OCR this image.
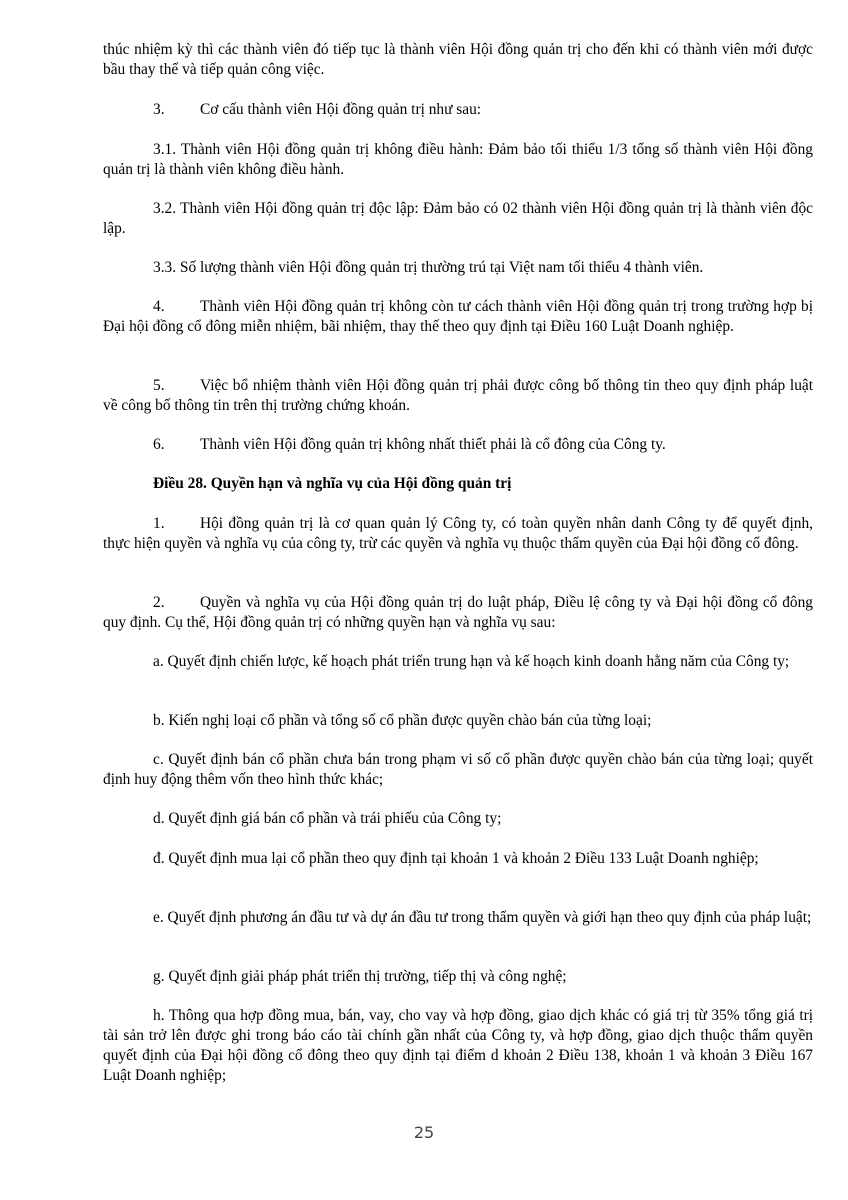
thúc nhiệm kỳ thì các thành viên đó tiếp tục là thành viên Hội đồng quản trị cho đến khi có thành viên mới được bầu thay thế và tiếp quản công việc.

3. Cơ cấu thành viên Hội đồng quản trị như sau:

3.1. Thành viên Hội đồng quản trị không điều hành: Đảm bảo tối thiểu 1/3 tổng số thành viên Hội đồng quản trị là thành viên không điều hành.

3.2. Thành viên Hội đồng quản trị độc lập: Đảm bảo có 02 thành viên Hội đồng quản trị là thành viên độc lập.

3.3. Số lượng thành viên Hội đồng quản trị thường trú tại Việt nam tối thiểu 4 thành viên.

4. Thành viên Hội đồng quản trị không còn tư cách thành viên Hội đồng quản trị trong trường hợp bị Đại hội đồng cổ đông miễn nhiệm, bãi nhiệm, thay thế theo quy định tại Điều 160 Luật Doanh nghiệp.

5. Việc bổ nhiệm thành viên Hội đồng quản trị phải được công bố thông tin theo quy định pháp luật về công bố thông tin trên thị trường chứng khoán.

6. Thành viên Hội đồng quản trị không nhất thiết phải là cổ đông của Công ty.

Điều 28. Quyền hạn và nghĩa vụ của Hội đồng quản trị

1. Hội đồng quản trị là cơ quan quản lý Công ty, có toàn quyền nhân danh Công ty để quyết định, thực hiện quyền và nghĩa vụ của công ty, trừ các quyền và nghĩa vụ thuộc thẩm quyền của Đại hội đồng cổ đông.

2. Quyền và nghĩa vụ của Hội đồng quản trị do luật pháp, Điều lệ công ty và Đại hội đồng cổ đông quy định. Cụ thể, Hội đồng quản trị có những quyền hạn và nghĩa vụ sau:

a. Quyết định chiến lược, kế hoạch phát triển trung hạn và kế hoạch kinh doanh hằng năm của Công ty;

b. Kiến nghị loại cổ phần và tổng số cổ phần được quyền chào bán của từng loại;

c. Quyết định bán cổ phần chưa bán trong phạm vi số cổ phần được quyền chào bán của từng loại; quyết định huy động thêm vốn theo hình thức khác;

d. Quyết định giá bán cổ phần và trái phiếu của Công ty;

đ. Quyết định mua lại cổ phần theo quy định tại khoản 1 và khoản 2 Điều 133 Luật Doanh nghiệp;

e. Quyết định phương án đầu tư và dự án đầu tư trong thẩm quyền và giới hạn theo quy định của pháp luật;

g. Quyết định giải pháp phát triển thị trường, tiếp thị và công nghệ;

h. Thông qua hợp đồng mua, bán, vay, cho vay và hợp đồng, giao dịch khác có giá trị từ 35% tổng giá trị tài sản trở lên được ghi trong báo cáo tài chính gần nhất của Công ty, và hợp đồng, giao dịch thuộc thẩm quyền quyết định của Đại hội đồng cổ đông theo quy định tại điểm d khoản 2 Điều 138, khoản 1 và khoản 3 Điều 167 Luật Doanh nghiệp;

25
